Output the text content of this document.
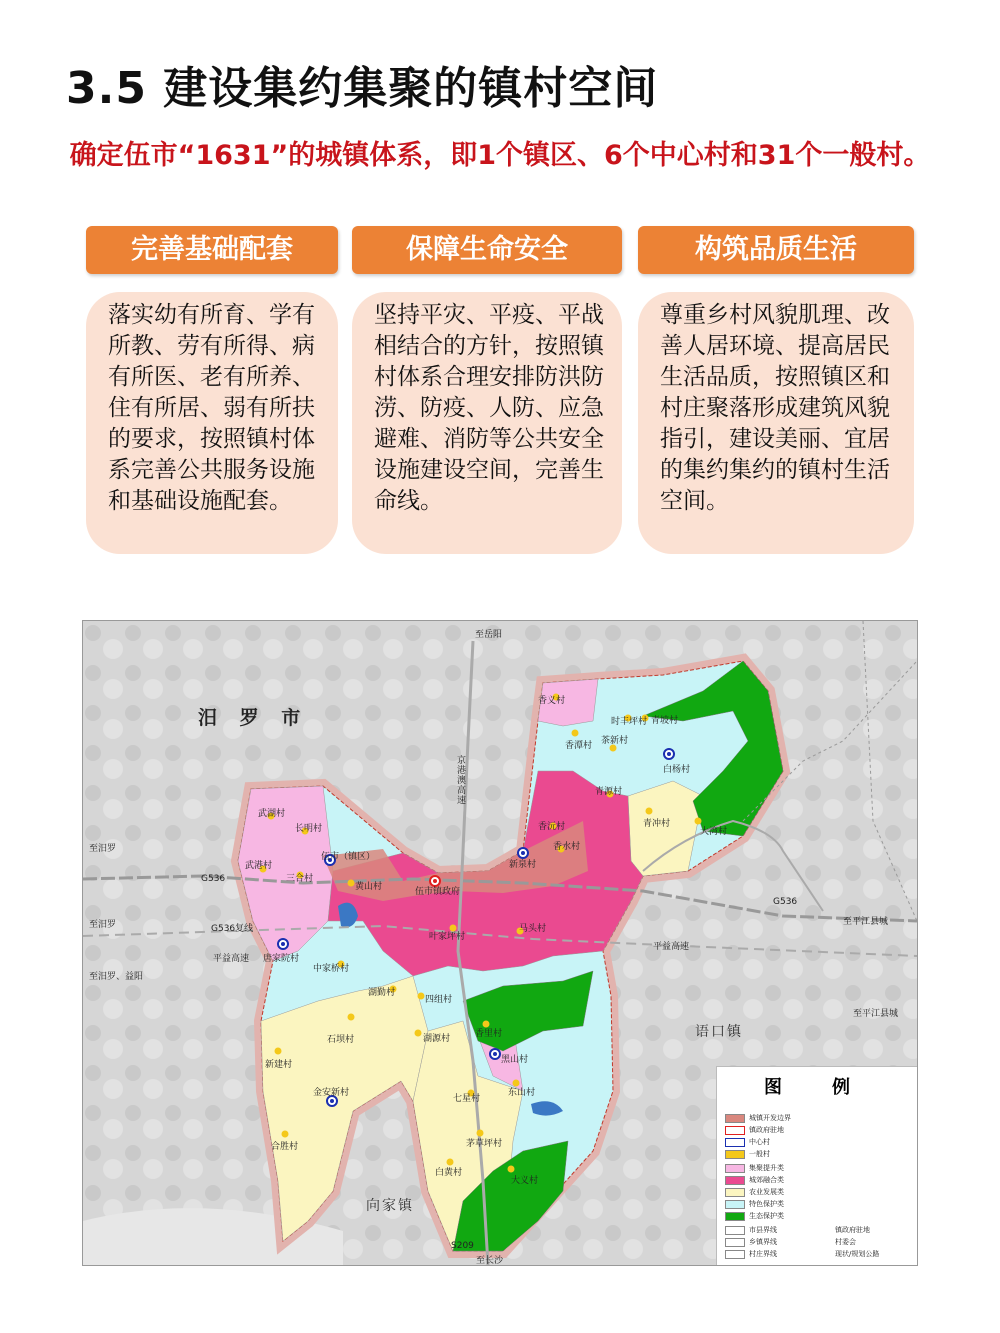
3.5 建设集约集聚的镇村空间
确定伍市“1631”的城镇体系，即1个镇区、6个中心村和31个一般村。
完善基础配套	保障生命安全	构筑品质生活
落实幼有所育、学有所教、劳有所得、病有所医、老有所养、住有所居、弱有所扶的要求，按照镇村体系完善公共服务设施和基础设施配套。
坚持平灾、平疫、平战相结合的方针，按照镇村体系合理安排防洪防涝、防疫、人防、应急避难、消防等公共安全设施建设空间，完善生命线。
尊重乡村风貌肌理、改善人居环境、提高居民生活品质，按照镇区和村庄聚落形成建筑风貌指引，建设美丽、宜居的集约集约的镇村生活空间。
汨 罗 市
语口镇
向家镇
至岳阳
至汨罗
至汨罗
至汨罗、益阳
G536
G536
G536复线
平益高速
平益高速
京港澳高速
至平江县城
至平江县城
至长沙
S209
伍市镇政府
香义村
时丰坪村
香潭村 茶新村
白杨村
青坡村
青源村
青冲村
大湾村
香沅村
香水村
新泉村
武湖村
长明村
伍市（镇区）
武港村
三合村
黄山村
马头村
叶家坪村
唐家院村
中家桥村
湖勤村
四组村
石坝村	湖源村	香里村
黑山村
东山村
新建村
金安新村
七星村
合胜村	茅草坪村
白黄村
大义村
图例
城镇开发边界
镇政府驻地
中心村
一般村
集聚提升类
城郊融合类
农业发展类
特色保护类
生态保护类
市县界线
乡镇界线
村庄界线
镇政府驻地
村委会
现状/规划公路
